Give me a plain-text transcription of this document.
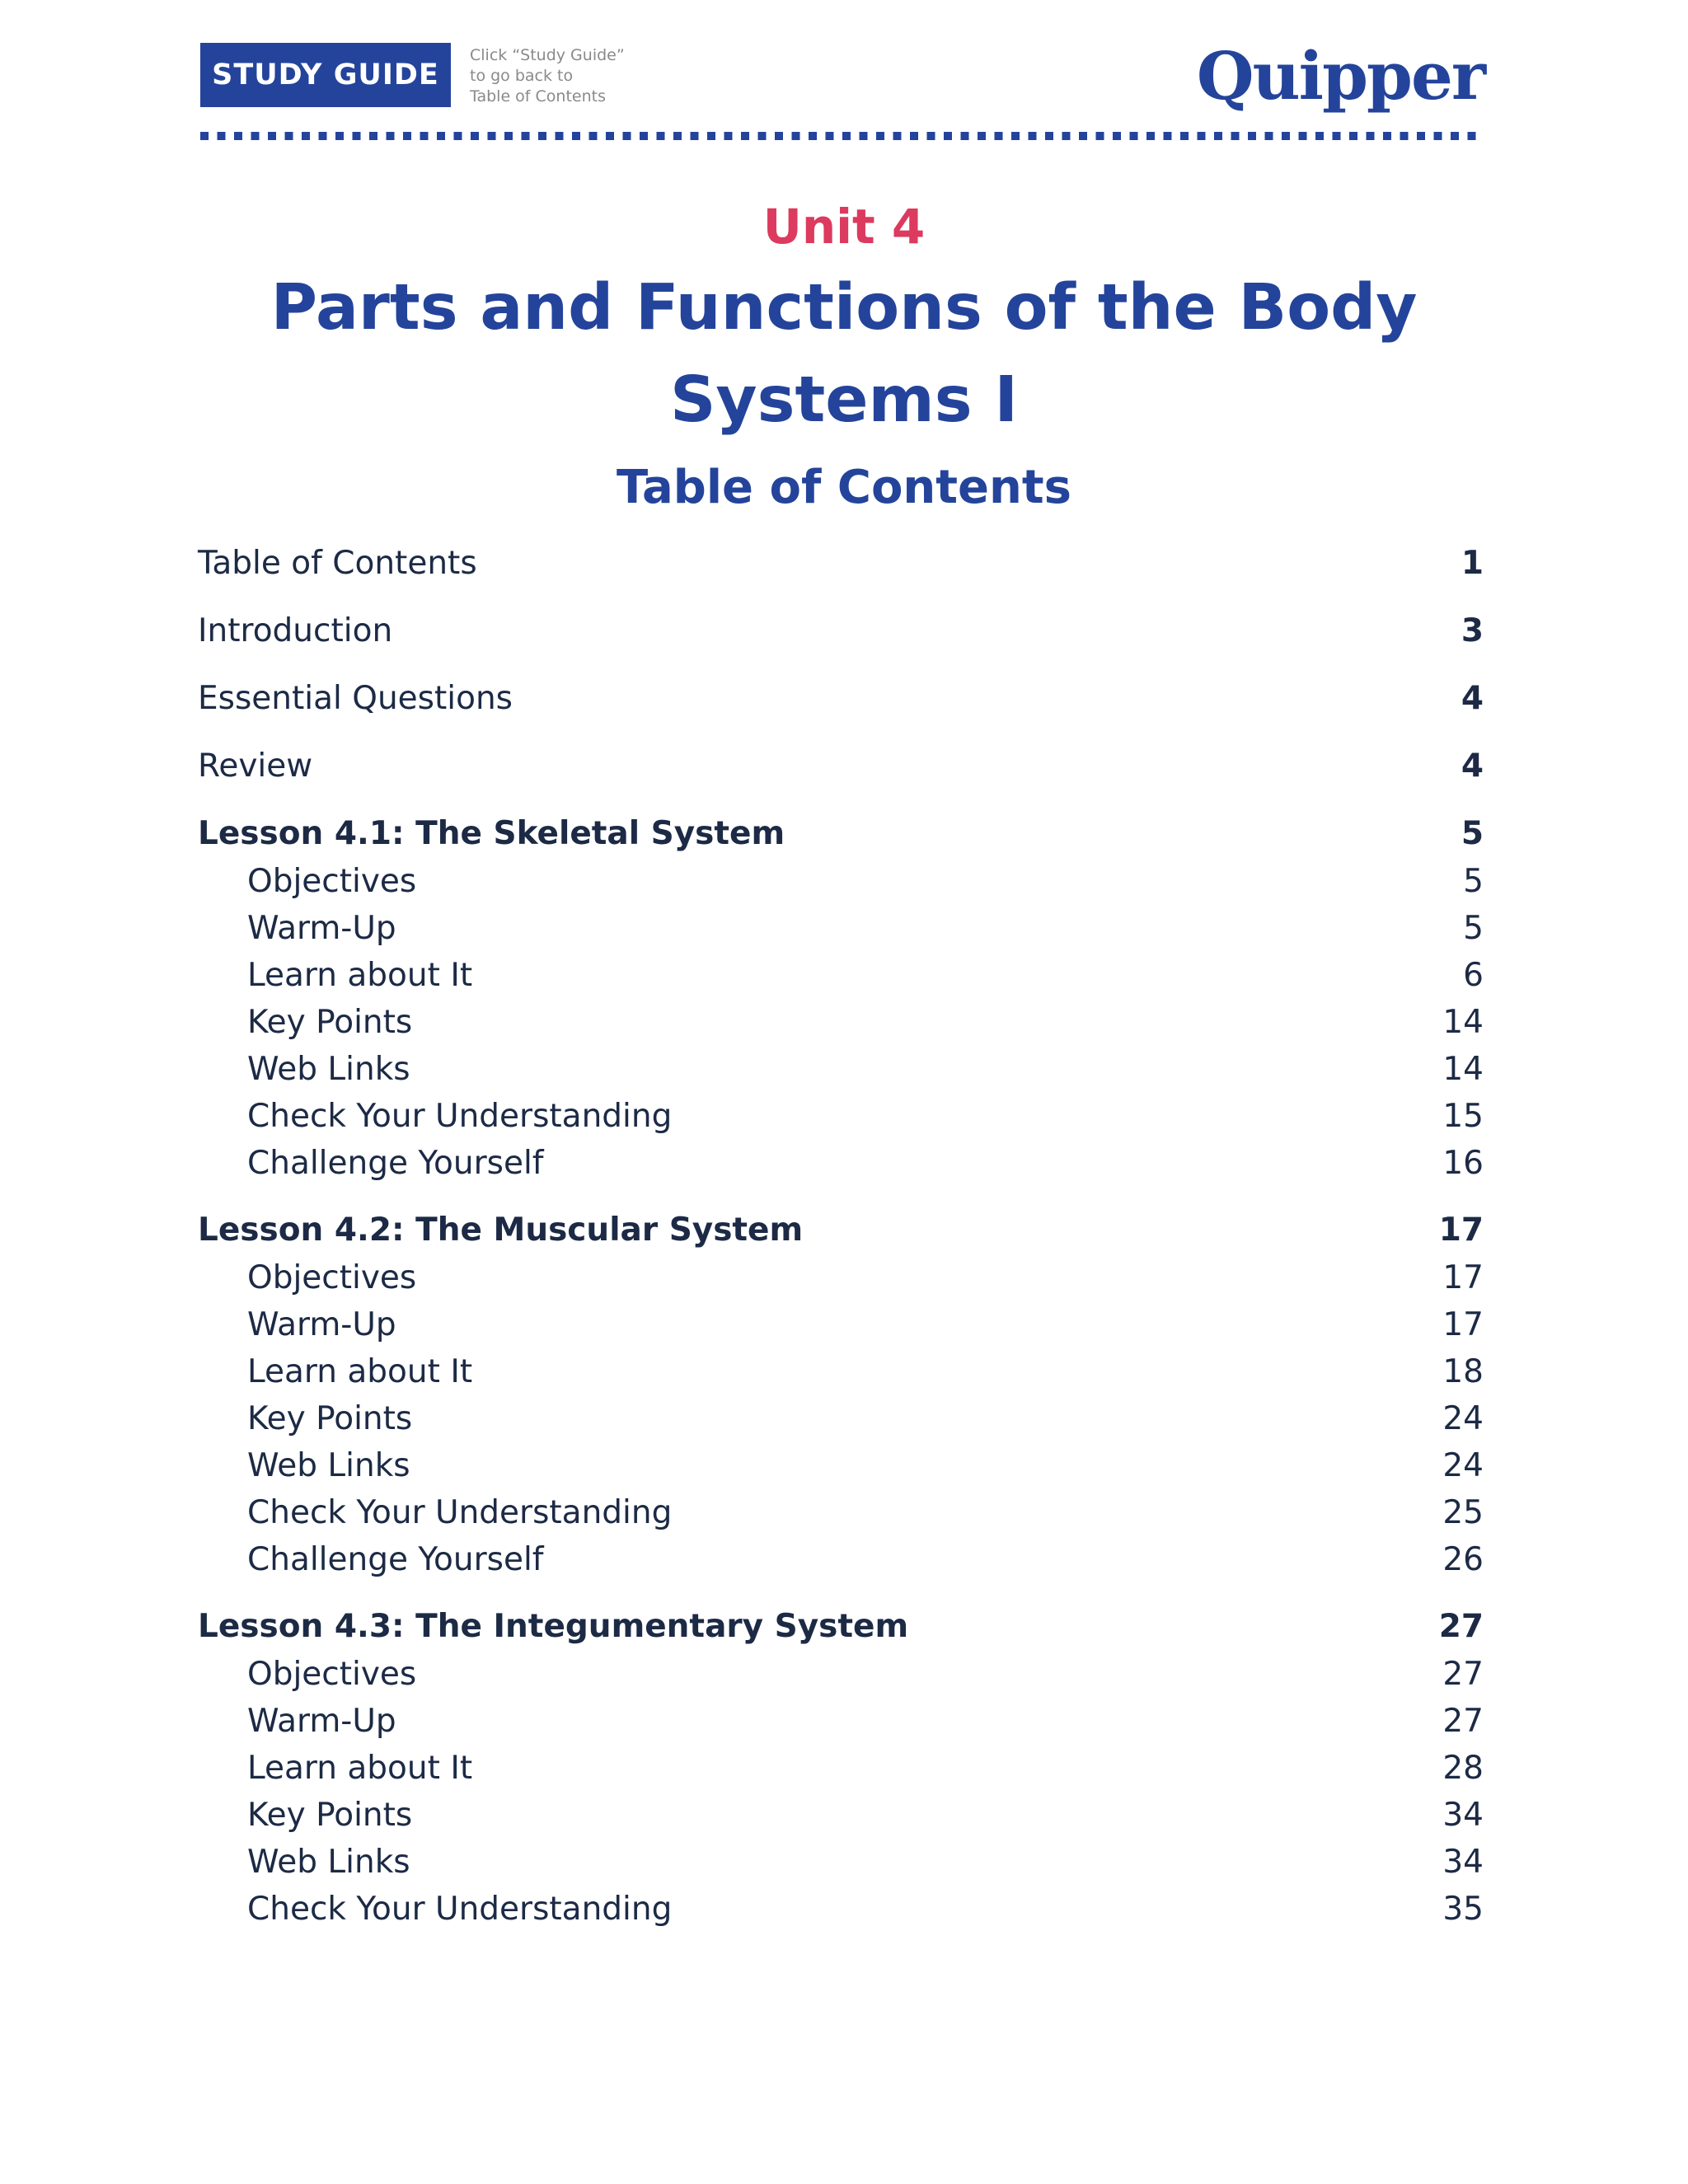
STUDY GUIDE
Click “Study Guide”
to go back to
Table of Contents	Quipper
Unit 4
Parts and Functions of the Body Systems I
Table of Contents
Table of Contents	1
Introduction	3
Essential Questions	4
Review	4
Lesson 4.1: The Skeletal System	5
Objectives	5
Warm-Up	5
Learn about It	6
Key Points	14
Web Links	14
Check Your Understanding	15
Challenge Yourself	16
Lesson 4.2: The Muscular System	17
Objectives	17
Warm-Up	17
Learn about It	18
Key Points	24
Web Links	24
Check Your Understanding	25
Challenge Yourself	26
Lesson 4.3: The Integumentary System	27
Objectives	27
Warm-Up	27
Learn about It	28
Key Points	34
Web Links	34
Check Your Understanding	35
